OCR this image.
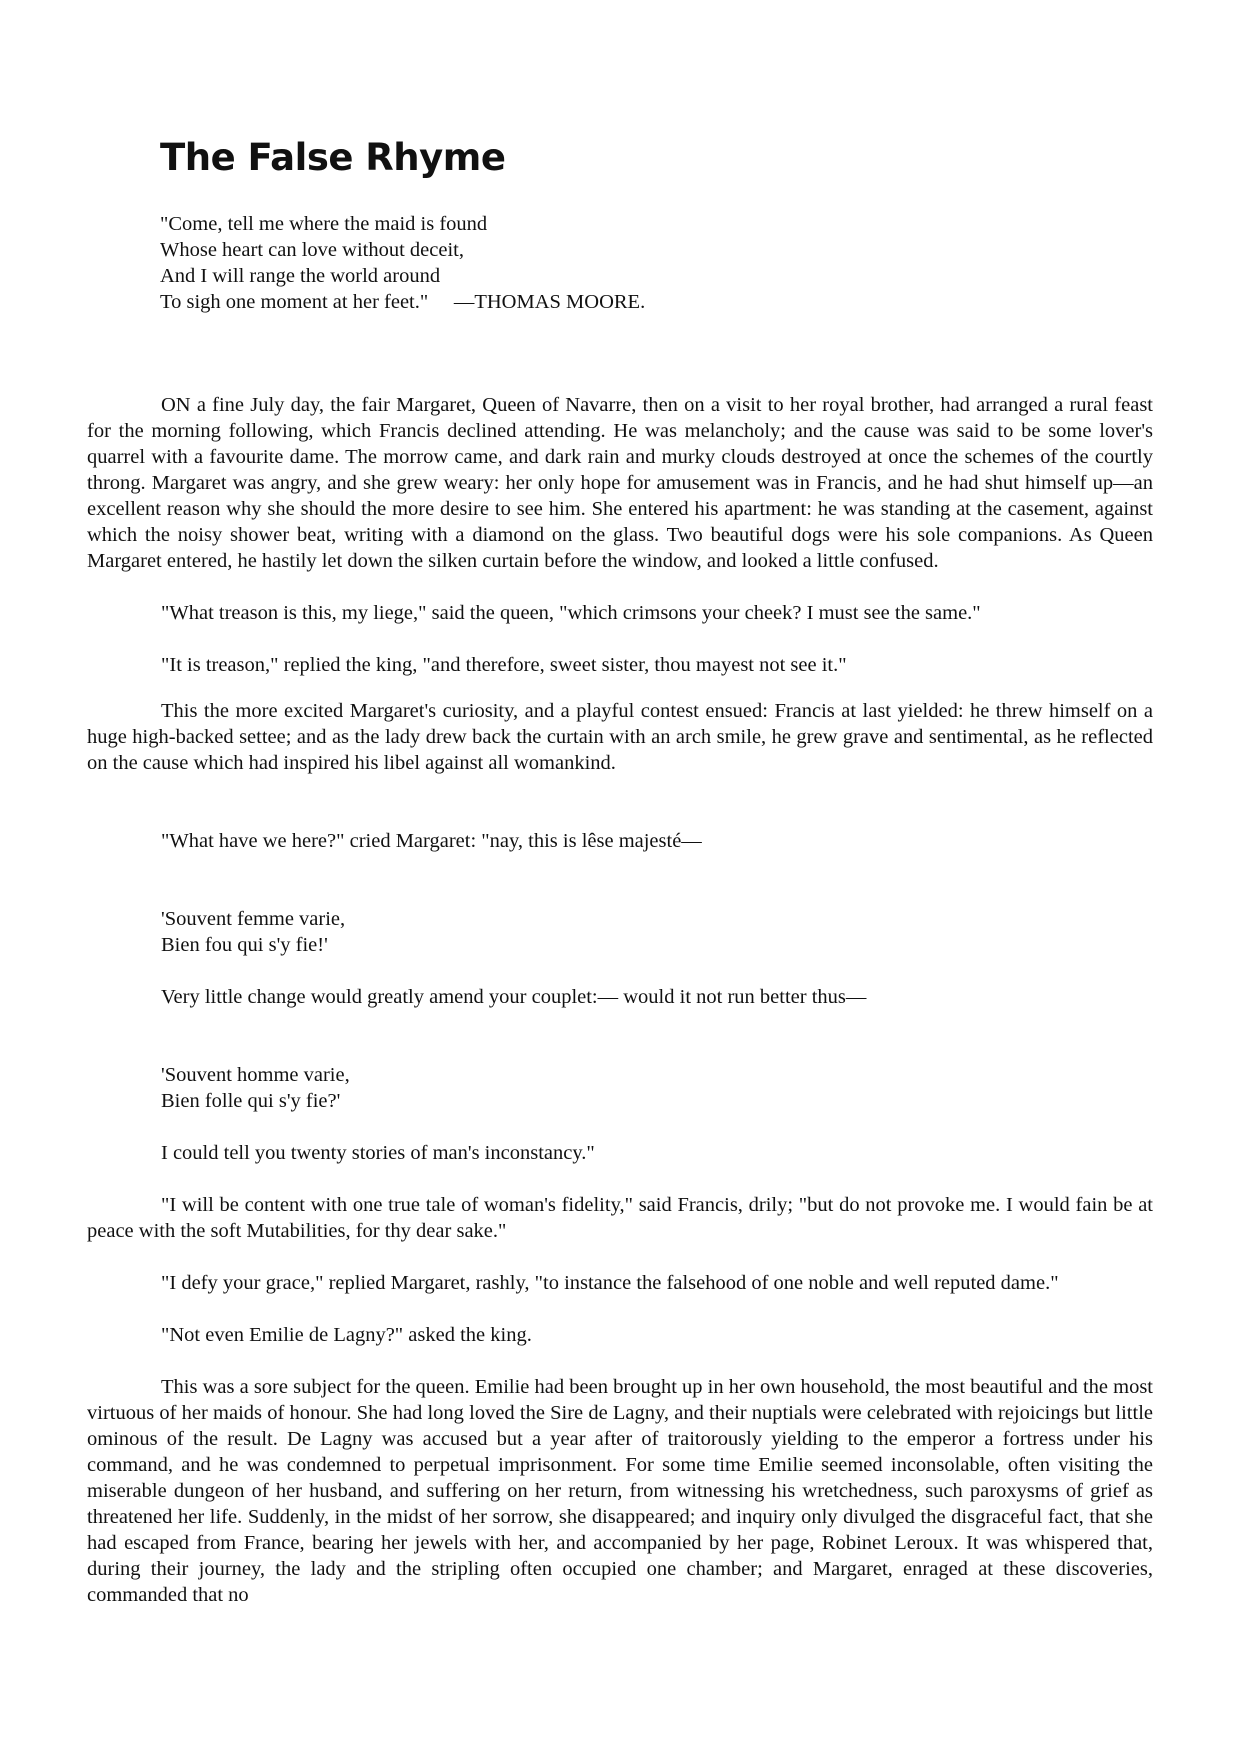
The False Rhyme
"Come, tell me where the maid is found
Whose heart can love without deceit,
And I will range the world around
To sigh one moment at her feet." —THOMAS MOORE.

ON a fine July day, the fair Margaret, Queen of Navarre, then on a visit to her royal brother, had arranged a rural feast for the morning following, which Francis declined attending. He was melancholy; and the cause was said to be some lover's quarrel with a favourite dame. The morrow came, and dark rain and murky clouds destroyed at once the schemes of the courtly throng. Margaret was angry, and she grew weary: her only hope for amusement was in Francis, and he had shut himself up—an excellent reason why she should the more desire to see him. She entered his apartment: he was standing at the casement, against which the noisy shower beat, writing with a diamond on the glass. Two beautiful dogs were his sole companions. As Queen Margaret entered, he hastily let down the silken curtain before the window, and looked a little confused.

"What treason is this, my liege," said the queen, "which crimsons your cheek? I must see the same."

"It is treason," replied the king, "and therefore, sweet sister, thou mayest not see it."

This the more excited Margaret's curiosity, and a playful contest ensued: Francis at last yielded: he threw himself on a huge high-backed settee; and as the lady drew back the curtain with an arch smile, he grew grave and sentimental, as he reflected on the cause which had inspired his libel against all womankind.

"What have we here?" cried Margaret: "nay, this is lêse majesté—

'Souvent femme varie,
Bien fou qui s'y fie!'

Very little change would greatly amend your couplet:— would it not run better thus—

'Souvent homme varie,
Bien folle qui s'y fie?'

I could tell you twenty stories of man's inconstancy."

"I will be content with one true tale of woman's fidelity," said Francis, drily; "but do not provoke me. I would fain be at peace with the soft Mutabilities, for thy dear sake."

"I defy your grace," replied Margaret, rashly, "to instance the falsehood of one noble and well reputed dame."

"Not even Emilie de Lagny?" asked the king.

This was a sore subject for the queen. Emilie had been brought up in her own household, the most beautiful and the most virtuous of her maids of honour. She had long loved the Sire de Lagny, and their nuptials were celebrated with rejoicings but little ominous of the result. De Lagny was accused but a year after of traitorously yielding to the emperor a fortress under his command, and he was condemned to perpetual imprisonment. For some time Emilie seemed inconsolable, often visiting the miserable dungeon of her husband, and suffering on her return, from witnessing his wretchedness, such paroxysms of grief as threatened her life. Suddenly, in the midst of her sorrow, she disappeared; and inquiry only divulged the disgraceful fact, that she had escaped from France, bearing her jewels with her, and accompanied by her page, Robinet Leroux. It was whispered that, during their journey, the lady and the stripling often occupied one chamber; and Margaret, enraged at these discoveries, commanded that no
